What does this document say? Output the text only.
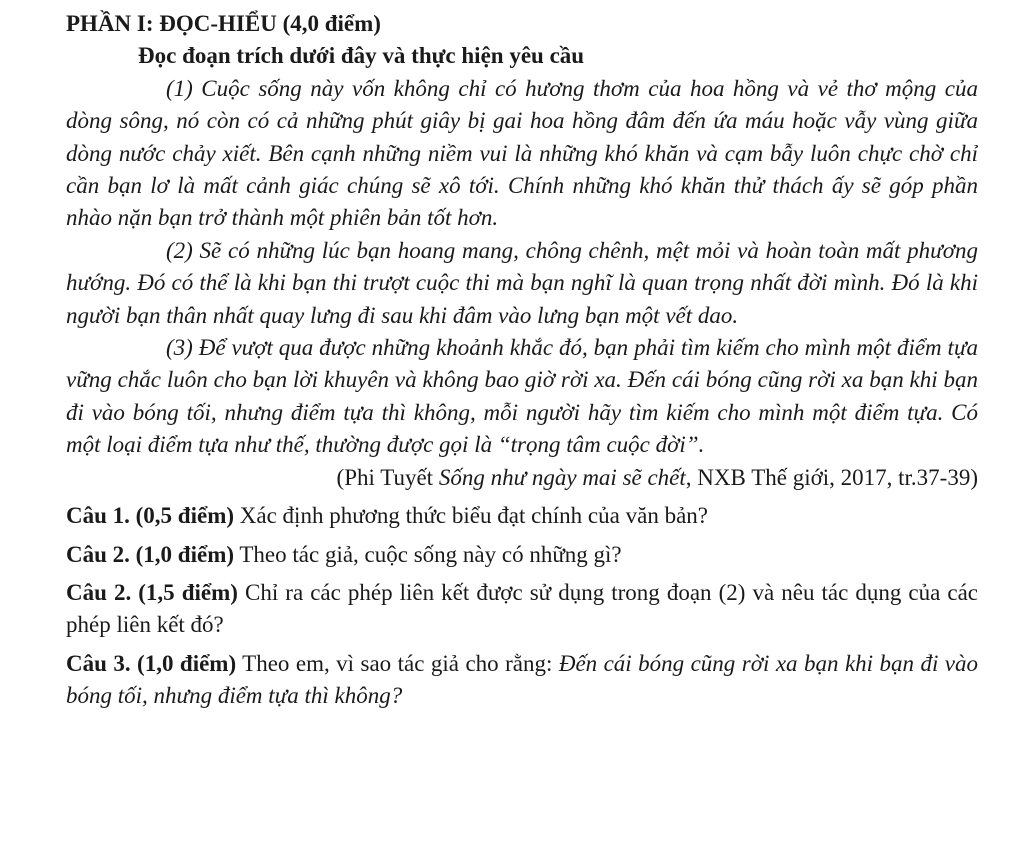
PHẦN I: ĐỌC-HIỂU (4,0 điểm)

Đọc đoạn trích dưới đây và thực hiện yêu cầu

(1) Cuộc sống này vốn không chỉ có hương thơm của hoa hồng và vẻ thơ mộng của dòng sông, nó còn có cả những phút giây bị gai hoa hồng đâm đến ứa máu hoặc vẫy vùng giữa dòng nước chảy xiết. Bên cạnh những niềm vui là những khó khăn và cạm bẫy luôn chực chờ chỉ cần bạn lơ là mất cảnh giác chúng sẽ xô tới. Chính những khó khăn thử thách ấy sẽ góp phần nhào nặn bạn trở thành một phiên bản tốt hơn.

(2) Sẽ có những lúc bạn hoang mang, chông chênh, mệt mỏi và hoàn toàn mất phương hướng. Đó có thể là khi bạn thi trượt cuộc thi mà bạn nghĩ là quan trọng nhất đời mình. Đó là khi người bạn thân nhất quay lưng đi sau khi đâm vào lưng bạn một vết dao.

(3) Để vượt qua được những khoảnh khắc đó, bạn phải tìm kiếm cho mình một điểm tựa vững chắc luôn cho bạn lời khuyên và không bao giờ rời xa. Đến cái bóng cũng rời xa bạn khi bạn đi vào bóng tối, nhưng điểm tựa thì không, mỗi người hãy tìm kiếm cho mình một điểm tựa. Có một loại điểm tựa như thế, thường được gọi là “trọng tâm cuộc đời”.

(Phi Tuyết Sống như ngày mai sẽ chết, NXB Thế giới, 2017, tr.37-39)

Câu 1. (0,5 điểm) Xác định phương thức biểu đạt chính của văn bản?

Câu 2. (1,0 điểm) Theo tác giả, cuộc sống này có những gì?

Câu 2. (1,5 điểm) Chỉ ra các phép liên kết được sử dụng trong đoạn (2) và nêu tác dụng của các phép liên kết đó?

Câu 3. (1,0 điểm) Theo em, vì sao tác giả cho rằng: Đến cái bóng cũng rời xa bạn khi bạn đi vào bóng tối, nhưng điểm tựa thì không?
